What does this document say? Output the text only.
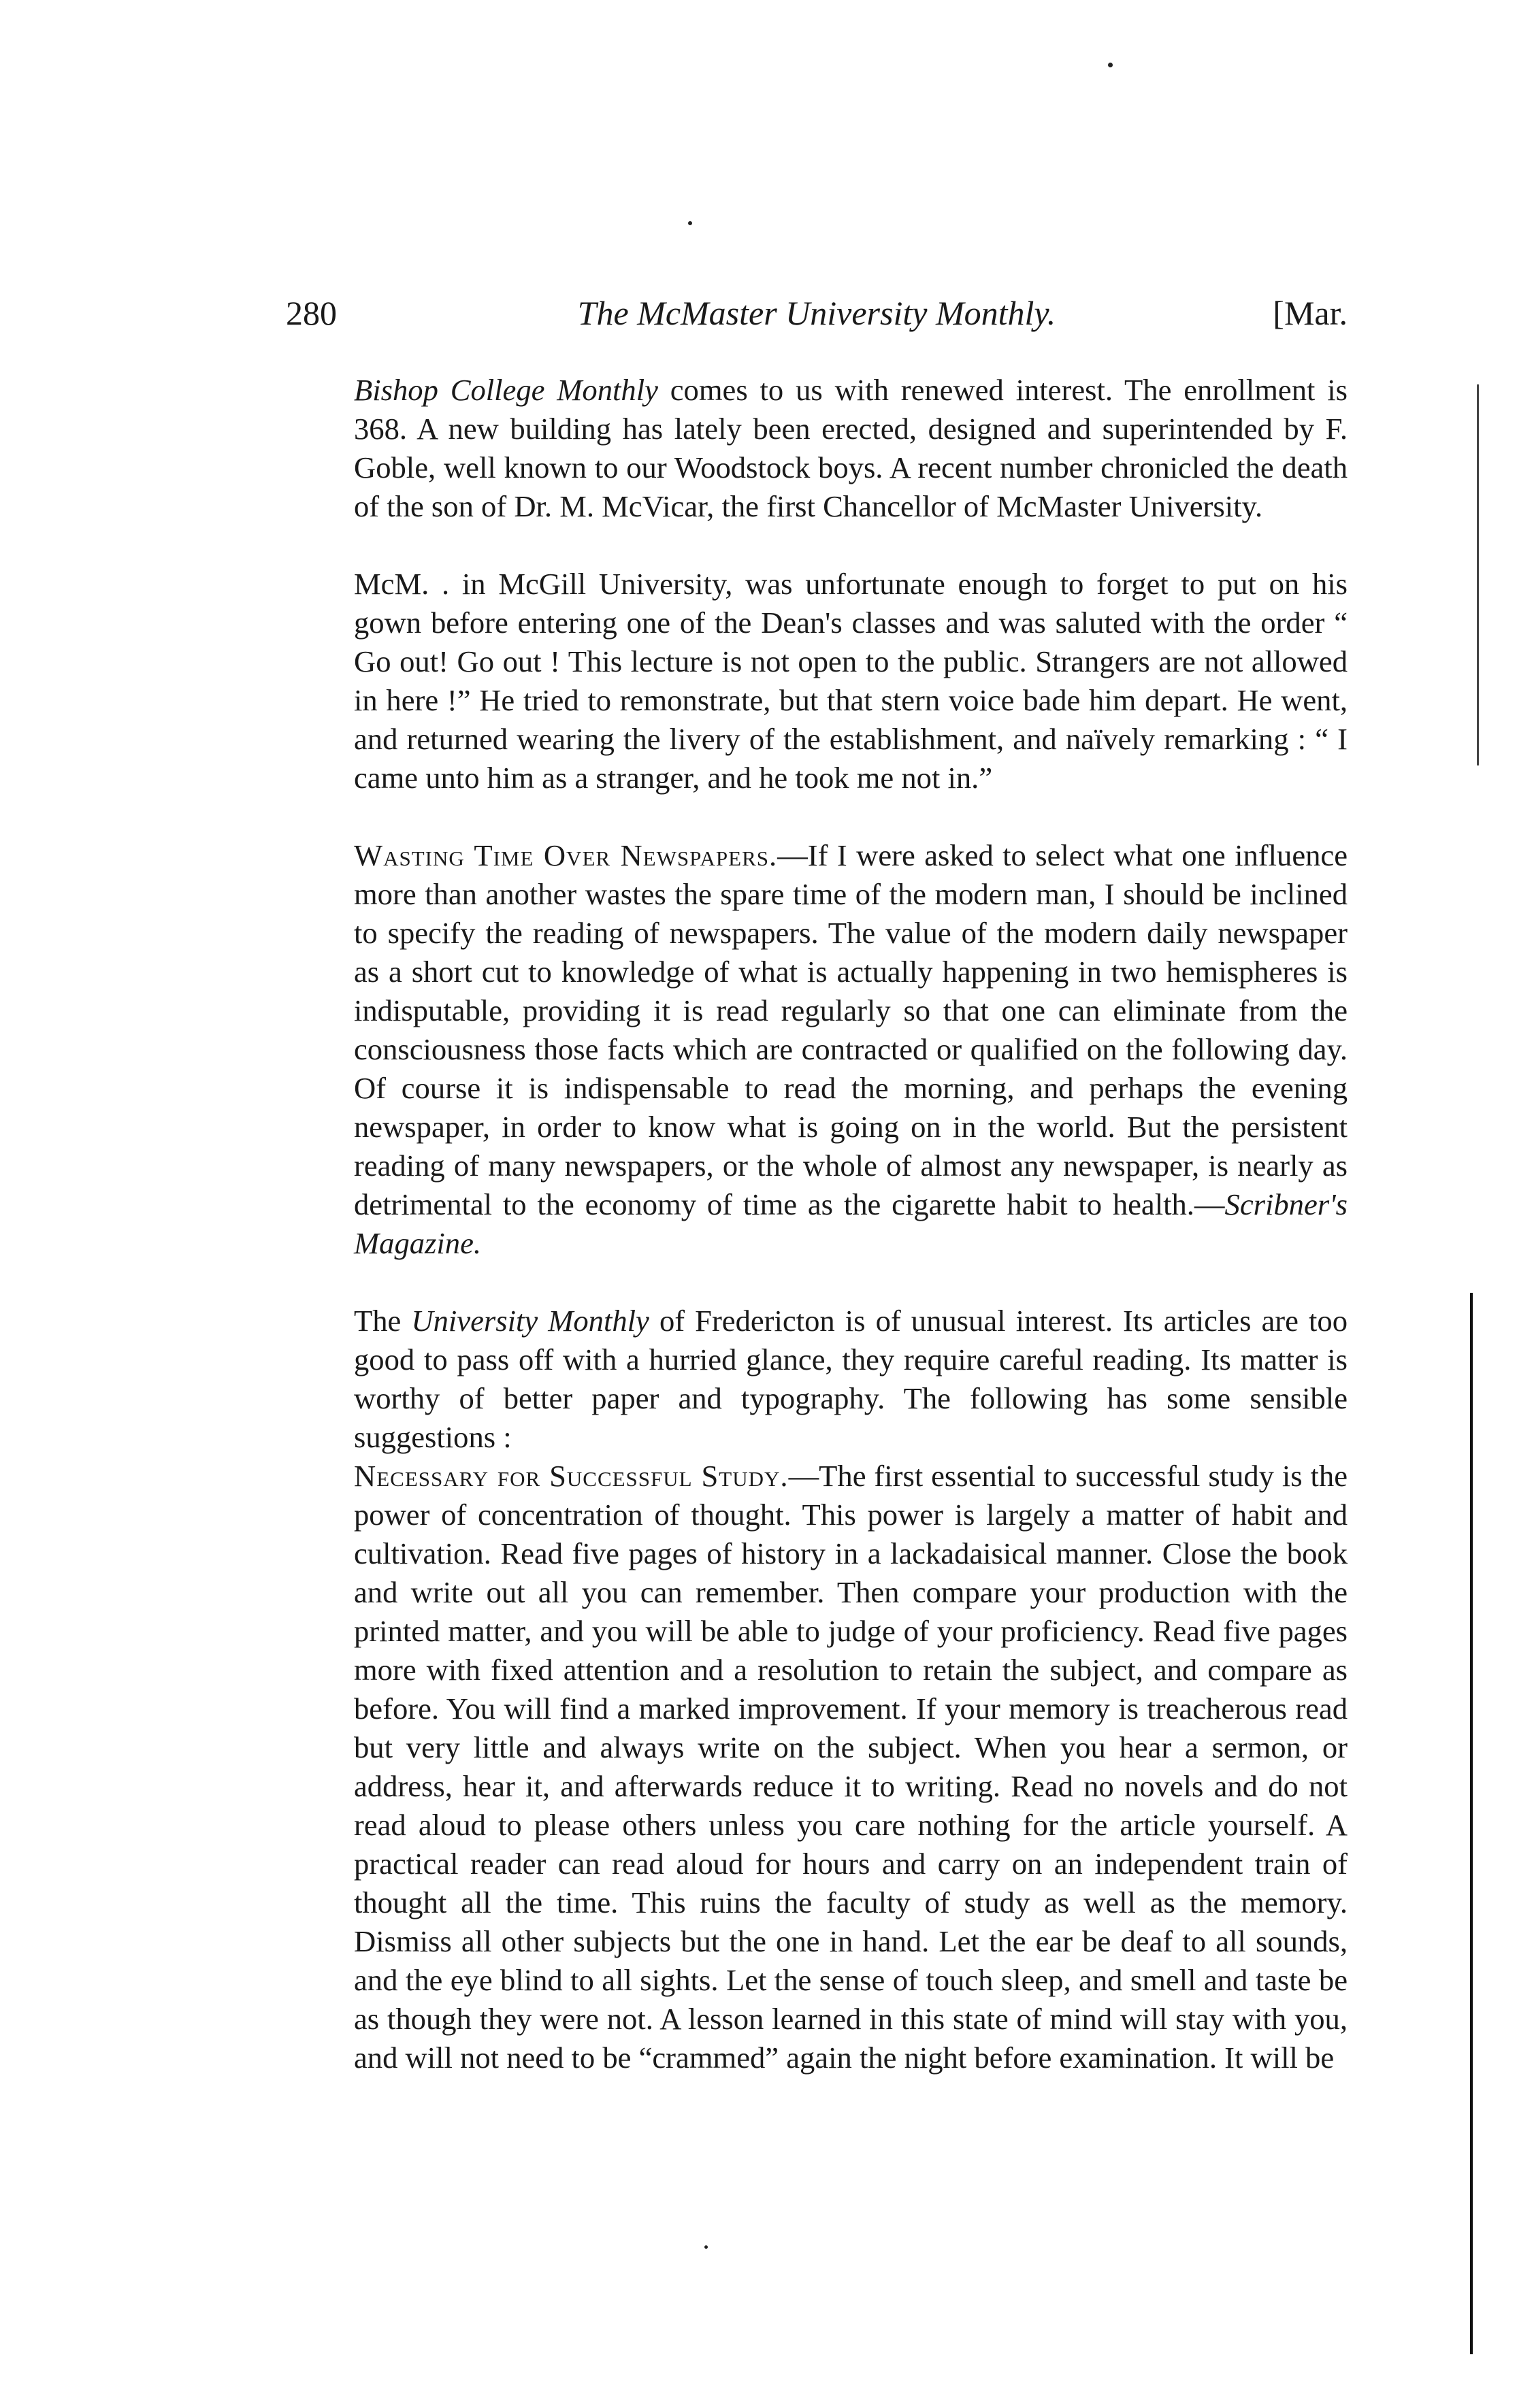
280	The McMaster University Monthly.	[Mar.

Bishop College Monthly comes to us with renewed interest. The enrollment is 368. A new building has lately been erected, designed and superintended by F. Goble, well known to our Woodstock boys. A recent number chronicled the death of the son of Dr. M. McVicar, the first Chancellor of McMaster University.

McM. . in McGill University, was unfortunate enough to forget to put on his gown before entering one of the Dean's classes and was saluted with the order “ Go out! Go out ! This lecture is not open to the public. Strangers are not allowed in here !” He tried to remonstrate, but that stern voice bade him depart. He went, and returned wearing the livery of the establishment, and naïvely remarking : “ I came unto him as a stranger, and he took me not in.”

Wasting Time Over Newspapers.—If I were asked to select what one influence more than another wastes the spare time of the modern man, I should be inclined to specify the reading of newspapers. The value of the modern daily newspaper as a short cut to knowledge of what is actually happening in two hemispheres is indisputable, providing it is read regularly so that one can eliminate from the consciousness those facts which are contracted or qualified on the following day. Of course it is indispensable to read the morning, and perhaps the evening newspaper, in order to know what is going on in the world. But the persistent reading of many newspapers, or the whole of almost any newspaper, is nearly as detrimental to the economy of time as the cigarette habit to health.—Scribner's Magazine.

The University Monthly of Fredericton is of unusual interest. Its articles are too good to pass off with a hurried glance, they require careful reading. Its matter is worthy of better paper and typography. The following has some sensible suggestions :

Necessary for Successful Study.—The first essential to successful study is the power of concentration of thought. This power is largely a matter of habit and cultivation. Read five pages of history in a lackadaisical manner. Close the book and write out all you can remember. Then compare your production with the printed matter, and you will be able to judge of your proficiency. Read five pages more with fixed attention and a resolution to retain the subject, and compare as before. You will find a marked improvement. If your memory is treacherous read but very little and always write on the subject. When you hear a sermon, or address, hear it, and afterwards reduce it to writing. Read no novels and do not read aloud to please others unless you care nothing for the article yourself. A practical reader can read aloud for hours and carry on an independent train of thought all the time. This ruins the faculty of study as well as the memory. Dismiss all other subjects but the one in hand. Let the ear be deaf to all sounds, and the eye blind to all sights. Let the sense of touch sleep, and smell and taste be as though they were not. A lesson learned in this state of mind will stay with you, and will not need to be “crammed” again the night before examination. It will be
